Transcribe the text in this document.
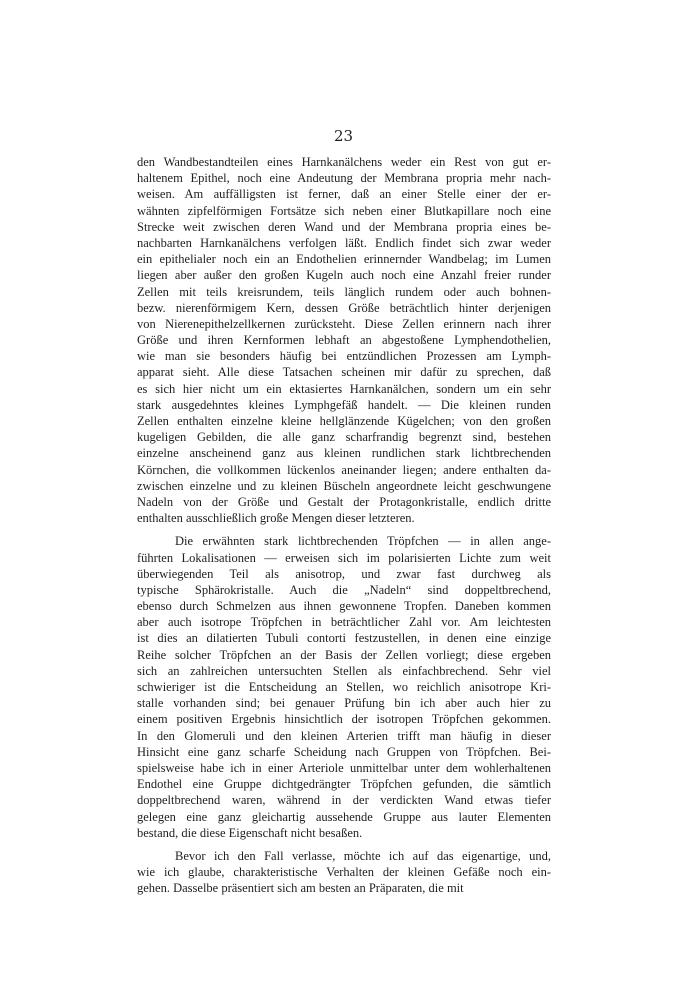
23
den Wandbestandteilen eines Harnkanälchens weder ein Rest von gut er-
haltenem Epithel, noch eine Andeutung der Membrana propria mehr nach-
weisen. Am auffälligsten ist ferner, daß an einer Stelle einer der er-
wähnten zipfelförmigen Fortsätze sich neben einer Blutkapillare noch eine
Strecke weit zwischen deren Wand und der Membrana propria eines be-
nachbarten Harnkanälchens verfolgen läßt. Endlich findet sich zwar weder
ein epithelialer noch ein an Endothelien erinnernder Wandbelag; im Lumen
liegen aber außer den großen Kugeln auch noch eine Anzahl freier runder
Zellen mit teils kreisrundem, teils länglich rundem oder auch bohnen-
bezw. nierenförmigem Kern, dessen Größe beträchtlich hinter derjenigen
von Nierenepithelzellkernen zurücksteht. Diese Zellen erinnern nach ihrer
Größe und ihren Kernformen lebhaft an abgestoßene Lymphendothelien,
wie man sie besonders häufig bei entzündlichen Prozessen am Lymph-
apparat sieht. Alle diese Tatsachen scheinen mir dafür zu sprechen, daß
es sich hier nicht um ein ektasiertes Harnkanälchen, sondern um ein sehr
stark ausgedehntes kleines Lymphgefäß handelt. — Die kleinen runden
Zellen enthalten einzelne kleine hellglänzende Kügelchen; von den großen
kugeligen Gebilden, die alle ganz scharfrandig begrenzt sind, bestehen
einzelne anscheinend ganz aus kleinen rundlichen stark lichtbrechenden
Körnchen, die vollkommen lückenlos aneinander liegen; andere enthalten da-
zwischen einzelne und zu kleinen Büscheln angeordnete leicht geschwungene
Nadeln von der Größe und Gestalt der Protagonkristalle, endlich dritte
enthalten ausschließlich große Mengen dieser letzteren.
Die erwähnten stark lichtbrechenden Tröpfchen — in allen ange-
führten Lokalisationen — erweisen sich im polarisierten Lichte zum weit
überwiegenden Teil als anisotrop, und zwar fast durchweg als
typische Sphärokristalle. Auch die „Nadeln“ sind doppeltbrechend,
ebenso durch Schmelzen aus ihnen gewonnene Tropfen. Daneben kommen
aber auch isotrope Tröpfchen in beträchtlicher Zahl vor. Am leichtesten
ist dies an dilatierten Tubuli contorti festzustellen, in denen eine einzige
Reihe solcher Tröpfchen an der Basis der Zellen vorliegt; diese ergeben
sich an zahlreichen untersuchten Stellen als einfachbrechend. Sehr viel
schwieriger ist die Entscheidung an Stellen, wo reichlich anisotrope Kri-
stalle vorhanden sind; bei genauer Prüfung bin ich aber auch hier zu
einem positiven Ergebnis hinsichtlich der isotropen Tröpfchen gekommen.
In den Glomeruli und den kleinen Arterien trifft man häufig in dieser
Hinsicht eine ganz scharfe Scheidung nach Gruppen von Tröpfchen. Bei-
spielsweise habe ich in einer Arteriole unmittelbar unter dem wohlerhaltenen
Endothel eine Gruppe dichtgedrängter Tröpfchen gefunden, die sämtlich
doppeltbrechend waren, während in der verdickten Wand etwas tiefer
gelegen eine ganz gleichartig aussehende Gruppe aus lauter Elementen
bestand, die diese Eigenschaft nicht besaßen.
Bevor ich den Fall verlasse, möchte ich auf das eigenartige, und,
wie ich glaube, charakteristische Verhalten der kleinen Gefäße noch ein-
gehen. Dasselbe präsentiert sich am besten an Präparaten, die mit
